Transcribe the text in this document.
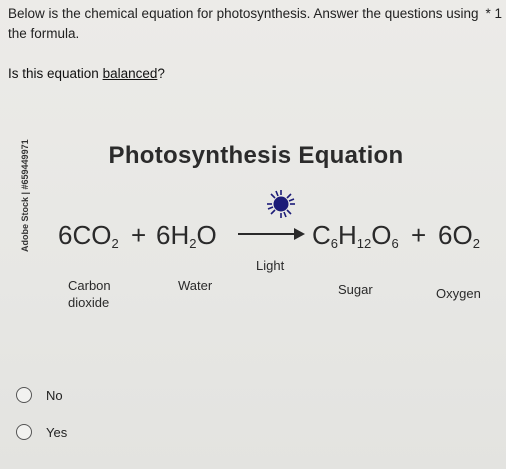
Below is the chemical equation for photosynthesis. Answer the questions using the formula.
* 1
Is this equation balanced?
Photosynthesis Equation
Adobe Stock | #659449971 $6CO_2 + 6H_2O$
Light
$C_6H_{12}O_6 + 6O_2$
Carbon
dioxide
Water	Sugar	Oxygen
No
Yes
